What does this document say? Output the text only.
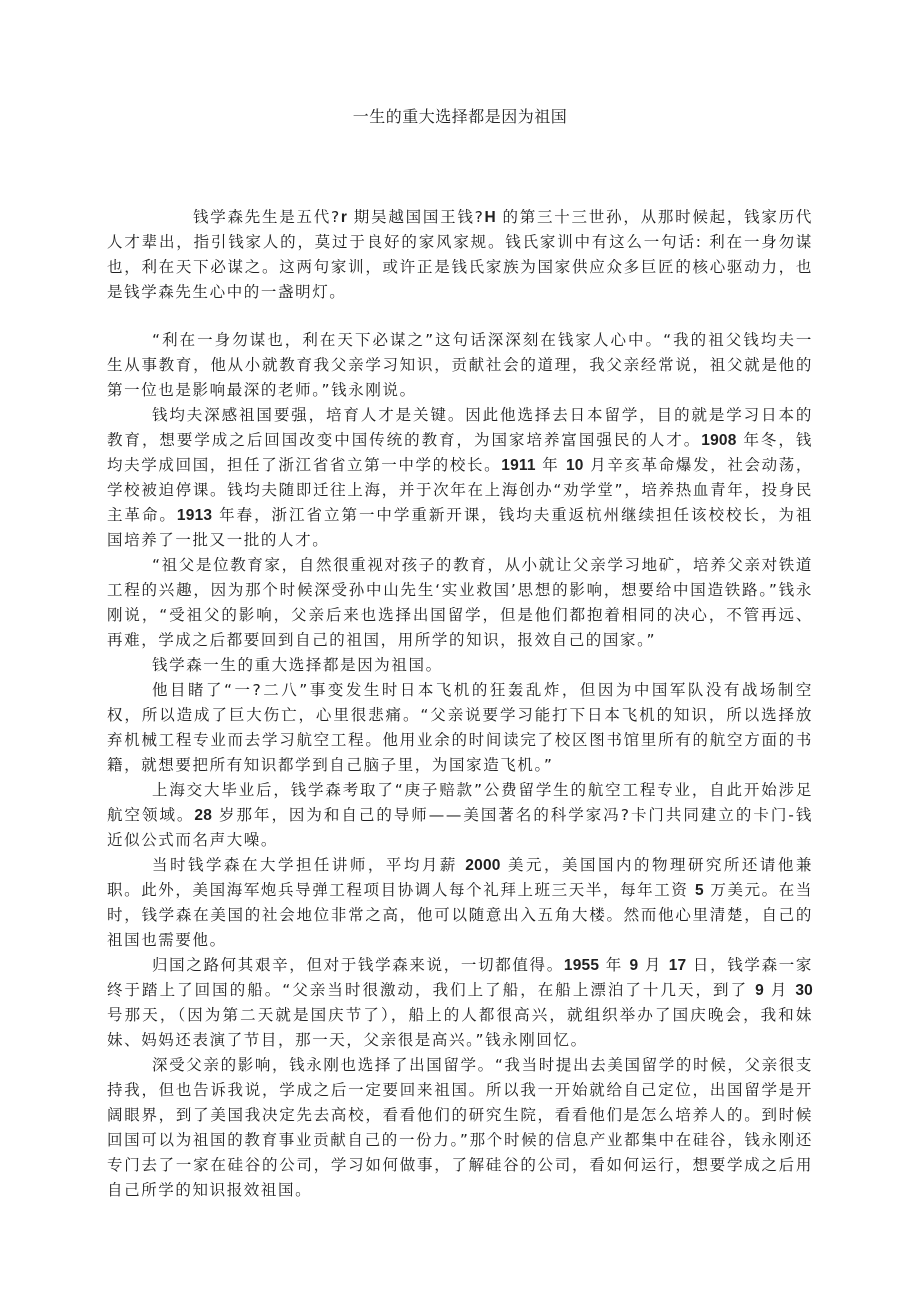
一生的重大选择都是因为祖国

钱学森先生是五代?r 期吴越国国王钱?H 的第三十三世孙，从那时候起，钱家历代人才辈出，指引钱家人的，莫过于良好的家风家规。钱氏家训中有这么一句话: 利在一身勿谋也，利在天下必谋之。这两句家训，或许正是钱氏家族为国家供应众多巨匠的核心驱动力，也是钱学森先生心中的一盏明灯。

“利在一身勿谋也，利在天下必谋之”这句话深深刻在钱家人心中。“我的祖父钱均夫一生从事教育，他从小就教育我父亲学习知识，贡献社会的道理，我父亲经常说，祖父就是他的第一位也是影响最深的老师。”钱永刚说。

钱均夫深感祖国要强，培育人才是关键。因此他选择去日本留学，目的就是学习日本的教育，想要学成之后回国改变中国传统的教育，为国家培养富国强民的人才。1908 年冬，钱均夫学成回国，担任了浙江省省立第一中学的校长。1911 年 10 月辛亥革命爆发，社会动荡，学校被迫停课。钱均夫随即迁往上海，并于次年在上海创办“劝学堂”，培养热血青年，投身民主革命。1913 年春，浙江省立第一中学重新开课，钱均夫重返杭州继续担任该校校长，为祖国培养了一批又一批的人才。

“祖父是位教育家，自然很重视对孩子的教育，从小就让父亲学习地矿，培养父亲对铁道工程的兴趣，因为那个时候深受孙中山先生‘实业救国’思想的影响，想要给中国造铁路。”钱永刚说，“受祖父的影响，父亲后来也选择出国留学，但是他们都抱着相同的决心，不管再远、再难，学成之后都要回到自己的祖国，用所学的知识，报效自己的国家。”

钱学森一生的重大选择都是因为祖国。

他目睹了“一?二八”事变发生时日本飞机的狂轰乱炸，但因为中国军队没有战场制空权，所以造成了巨大伤亡，心里很悲痛。“父亲说要学习能打下日本飞机的知识，所以选择放弃机械工程专业而去学习航空工程。他用业余的时间读完了校区图书馆里所有的航空方面的书籍，就想要把所有知识都学到自己脑子里，为国家造飞机。”

上海交大毕业后，钱学森考取了“庚子赔款”公费留学生的航空工程专业，自此开始涉足航空领域。28 岁那年，因为和自己的导师——美国著名的科学家冯?卡门共同建立的卡门-钱近似公式而名声大噪。

当时钱学森在大学担任讲师，平均月薪 2000 美元，美国国内的物理研究所还请他兼职。此外，美国海军炮兵导弹工程项目协调人每个礼拜上班三天半，每年工资 5 万美元。在当时，钱学森在美国的社会地位非常之高，他可以随意出入五角大楼。然而他心里清楚，自己的祖国也需要他。

归国之路何其艰辛，但对于钱学森来说，一切都值得。1955 年 9 月 17 日，钱学森一家终于踏上了回国的船。“父亲当时很激动，我们上了船，在船上漂泊了十几天，到了 9 月 30 号那天，（因为第二天就是国庆节了），船上的人都很高兴，就组织举办了国庆晚会，我和妹妹、妈妈还表演了节目，那一天，父亲很是高兴。”钱永刚回忆。

深受父亲的影响，钱永刚也选择了出国留学。“我当时提出去美国留学的时候，父亲很支持我，但也告诉我说，学成之后一定要回来祖国。所以我一开始就给自己定位，出国留学是开阔眼界，到了美国我决定先去高校，看看他们的研究生院，看看他们是怎么培养人的。到时候回国可以为祖国的教育事业贡献自己的一份力。”那个时候的信息产业都集中在硅谷，钱永刚还专门去了一家在硅谷的公司，学习如何做事，了解硅谷的公司，看如何运行，想要学成之后用自己所学的知识报效祖国。
